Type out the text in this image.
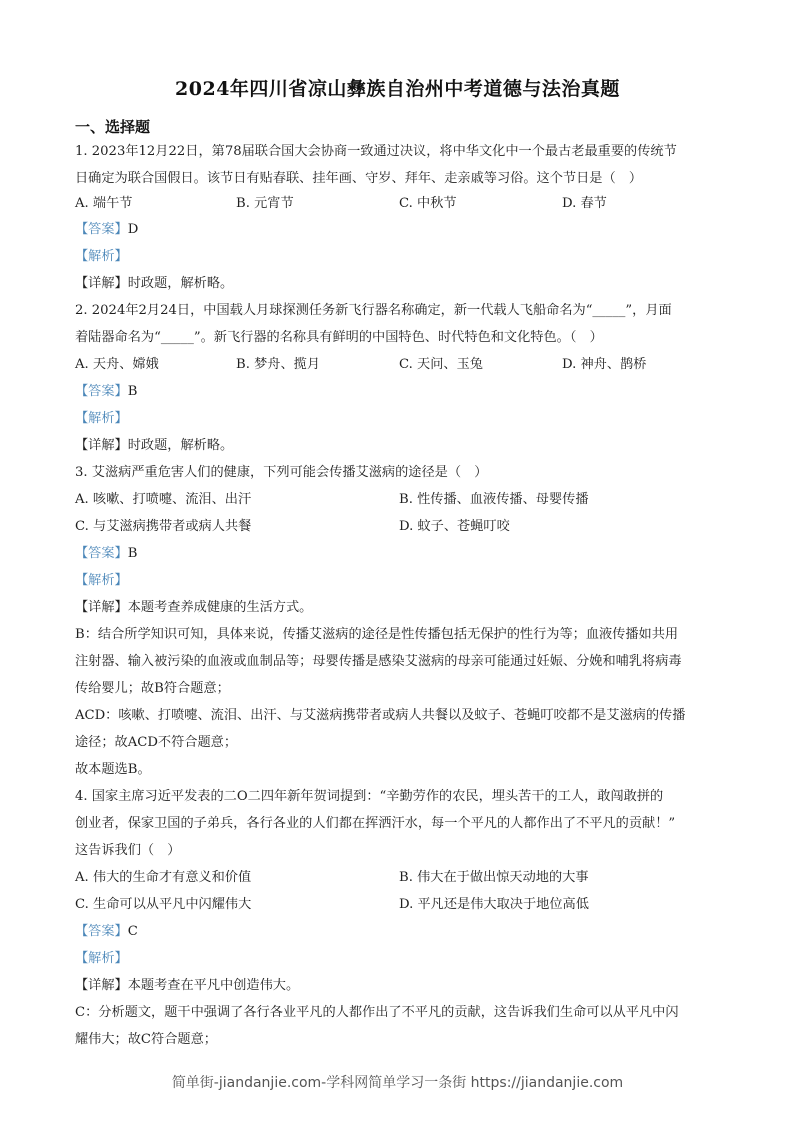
2024年四川省凉山彝族自治州中考道德与法治真题
一、选择题
1. 2023年12月22日，第78届联合国大会协商一致通过决议，将中华文化中一个最古老最重要的传统节
日确定为联合国假日。该节日有贴春联、挂年画、守岁、拜年、走亲戚等习俗。这个节日是（　）
A. 端午节	B. 元宵节	C. 中秋节	D. 春节
【答案】D
【解析】
【详解】时政题，解析略。
2. 2024年2月24日，中国载人月球探测任务新飞行器名称确定，新一代载人飞船命名为“_____”，月面
着陆器命名为“_____”。新飞行器的名称具有鲜明的中国特色、时代特色和文化特色。（　）
A. 天舟、嫦娥	B. 梦舟、揽月	C. 天问、玉兔	D. 神舟、鹊桥
【答案】B
【解析】
【详解】时政题，解析略。
3. 艾滋病严重危害人们的健康，下列可能会传播艾滋病的途径是（　）
A. 咳嗽、打喷嚏、流泪、出汗	B. 性传播、血液传播、母婴传播
C. 与艾滋病携带者或病人共餐	D. 蚊子、苍蝇叮咬
【答案】B
【解析】
【详解】本题考查养成健康的生活方式。
B：结合所学知识可知，具体来说，传播艾滋病的途径是性传播包括无保护的性行为等；血液传播如共用
注射器、输入被污染的血液或血制品等；母婴传播是感染艾滋病的母亲可能通过妊娠、分娩和哺乳将病毒
传给婴儿；故B符合题意；
ACD：咳嗽、打喷嚏、流泪、出汗、与艾滋病携带者或病人共餐以及蚊子、苍蝇叮咬都不是艾滋病的传播
途径；故ACD不符合题意；
故本题选B。
4. 国家主席习近平发表的二O二四年新年贺词提到：“辛勤劳作的农民，埋头苦干的工人，敢闯敢拼的
创业者，保家卫国的子弟兵，各行各业的人们都在挥洒汗水，每一个平凡的人都作出了不平凡的贡献！”
这告诉我们（　）
A. 伟大的生命才有意义和价值	B. 伟大在于做出惊天动地的大事
C. 生命可以从平凡中闪耀伟大	D. 平凡还是伟大取决于地位高低
【答案】C
【解析】
【详解】本题考查在平凡中创造伟大。
C：分析题文，题干中强调了各行各业平凡的人都作出了不平凡的贡献，这告诉我们生命可以从平凡中闪
耀伟大；故C符合题意；
简单街-jiandanjie.com-学科网简单学习一条街 https://jiandanjie.com
